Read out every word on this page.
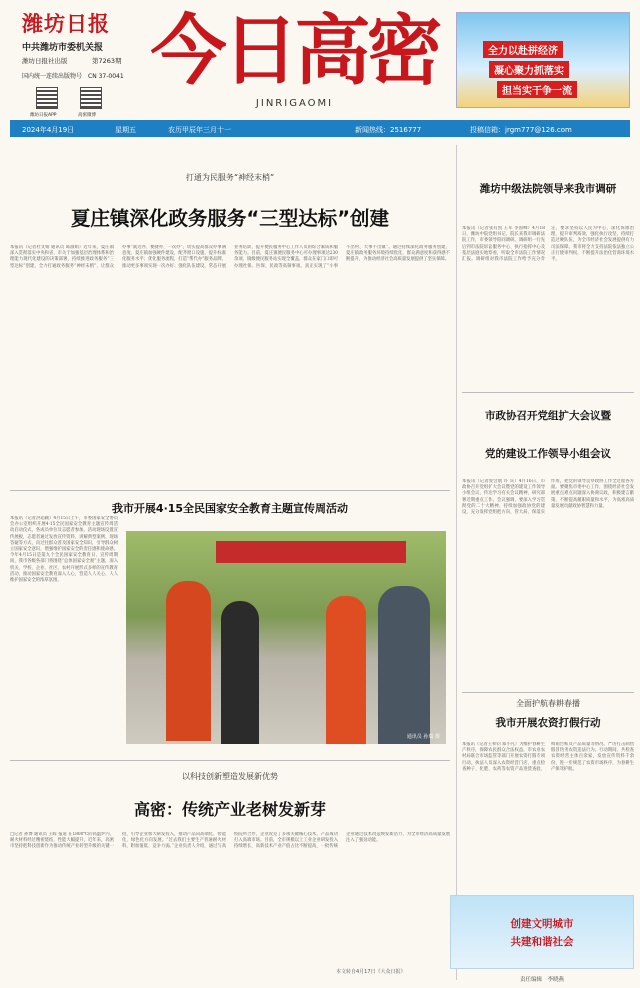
潍坊日报
中共潍坊市委机关报
潍坊日报社出版	第7263期
国内统一连续出版物号　CN 37-0041
潍坊日报APP	高密微博
今日高密
JINRIGAOMI
全力以赴拼经济
凝心聚力抓落实
担当实干争一流
2024年4月19日	星期五	农历甲辰年三月十一	新闻热线：2516777	投稿信箱：jrgm777@126.com
打通为民服务“神经末梢”
夏庄镇深化政务服务“三型达标”创建
本报讯（记者杜文娟 通讯员 葛淑娟）近年来，夏庄镇深入贯彻落实中央和省、市关于加强基层治理体系和治理能力现代化建设的决策部署，持续推进政务服务“三型达标”创建，全力打通政务服务“神经末梢”，让群众办事“就近办、便捷办、一次办”，切实提高群众办事满意度。夏庄镇加强硬件建设，配齐窗口设施，提升标准化服务水平；优化服务流程，打造“帮代办”服务品牌，推动更多事项实现一次办好；强化队伍建设，常态开展业务培训，提升便民服务中心工作人员的综合素质和服务能力。目前，夏庄镇便民服务中心可办理事项达230余项，镇级便民服务站实现全覆盖，群众在家门口即可办理社保、医保、民政等高频事项，真正实现了“小事不出村、大事不出镇”。通过持续深化政务服务创建，夏庄镇政务服务环境持续优化，群众满意度和获得感不断提升，为推动经济社会高质量发展提供了坚实保障。
潍坊中级法院领导来我市调研
本报讯（记者张有凯 王军 李国峰）4月18日，潍坊中院党组书记、院长来我市调研法院工作，市委领导陪同调研。调研组一行先后到市法院诉讼服务中心、执行指挥中心及基层法庭实地察看，听取全市法院工作情况汇报。调研组对我市法院工作给予充分肯定，要求坚持以人民为中心，深化诉源治理，提升审判质效，强化执行攻坚，持续打造过硬队伍，为全市经济社会发展提供有力司法保障。我市将全力支持法院依法独立公正行使审判权，不断提升法治化营商环境水平。
市政协召开党组扩大会议暨
党的建设工作领导小组会议
本报讯（记者庞会航 许 宾）4月16日，市政协召开党组扩大会议暨党的建设工作领导小组会议，传达学习有关会议精神，研究部署近期重点工作。会议强调，要深入学习贯彻党的二十大精神，持续加强政协党的建设，充分发挥党组把方向、管大局、保落实作用，把党的领导贯穿政协工作全过程各方面。要聚焦市委中心工作，围绕经济社会发展重点难点问题深入协商议政，积极建言献策，不断提高履职质量和水平，为高密高质量发展贡献政协智慧和力量。
全面护航春耕春播
我市开展农资打假行动
本报讯（记者王梓钧 郑小凡）为维护春耕生产秩序，保障农民群众合法权益，市农业农村局联合市场监管等部门开展农资打假专项行动。执法人员深入农资经营门店，重点检查种子、化肥、农药等农资产品进货查验、购销台账及产品质量等情况，严厉打击制售假冒伪劣农资违法行为。行动期间，共检查农资经营主体百余家，发放宣传资料千余份，进一步规范了农资市场秩序，为春耕生产保驾护航。
创建文明城市
共建和谐社会
我市开展4·15全民国家安全教育主题宣传周活动
本报讯（记者洪超颖）4月15日上午，市委国家安全委员会办公室组织开展4·15全民国家安全教育主题宣传周活动启动仪式，各成员单位及志愿者参加。活动现场设置宣传展板，志愿者通过发放宣传资料、讲解典型案例、现场答疑等方式，向过往群众普及国家安全知识，引导群众树立国家安全意识，增强维护国家安全的责任感和使命感。今年4月15日是第九个全民国家安全教育日，宣传周期间，我市各级各部门将围绕“总体国家安全观”主题，深入机关、学校、企业、社区、农村开展形式多样的宣传教育活动，推动国家安全教育深入人心，营造人人关心、人人维护国家安全的浓厚氛围。
通讯员 孙瑞 摄
以科技创新塑造发展新优势
高密：传统产业老树发新芽
□记者 孙博 通讯员 王晖 报道 在1800℃的高温炉内，耐火材料经过精密烧结，性能大幅提升。近年来，高密市坚持把科技创新作为推动传统产业转型升级的关键一招，引导企业加大研发投入，推动产品向高端化、智能化、绿色化方向发展。“过去我们主要生产普通耐火材料，附加值低、竞争力弱。”企业负责人介绍，通过与高校院所合作，企业攻克了多项关键核心技术，产品成功打入高端市场。目前，全市规模以上工业企业研发投入持续增长，高新技术产业产值占比不断提高，一批传统企业通过技术改造焕发新活力，为全市经济高质量发展注入了强劲动能。
本文转自4月17日《大众日报》
责任编辑　李晓燕
